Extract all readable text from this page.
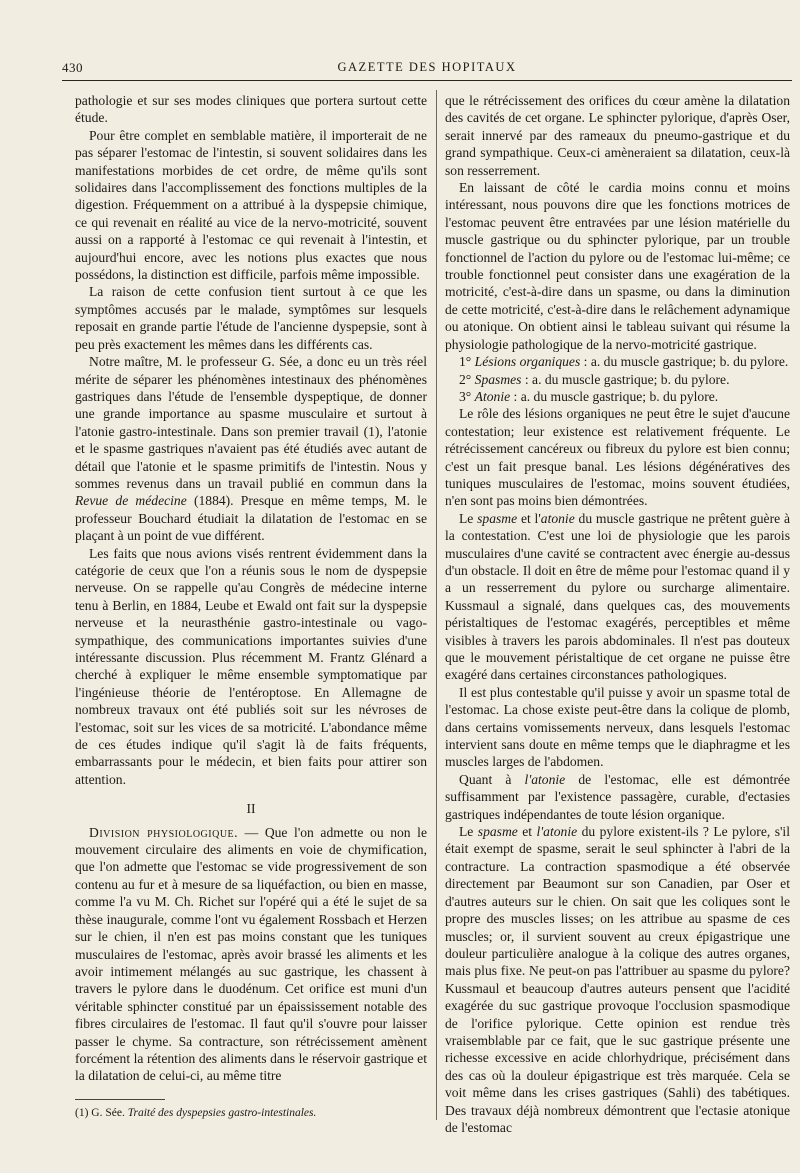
430	GAZETTE DES HOPITAUX

pathologie et sur ses modes cliniques que portera surtout cette étude.

Pour être complet en semblable matière, il importerait de ne pas séparer l'estomac de l'intestin, si souvent solidaires dans les manifestations morbides de cet ordre, de même qu'ils sont solidaires dans l'accomplissement des fonctions multiples de la digestion. Fréquemment on a attribué à la dyspepsie chimique, ce qui revenait en réalité au vice de la nervo-motricité, souvent aussi on a rapporté à l'estomac ce qui revenait à l'intestin, et aujourd'hui encore, avec les notions plus exactes que nous possédons, la distinction est difficile, parfois même impossible.

La raison de cette confusion tient surtout à ce que les symptômes accusés par le malade, symptômes sur lesquels reposait en grande partie l'étude de l'ancienne dyspepsie, sont à peu près exactement les mêmes dans les différents cas.

Notre maître, M. le professeur G. Sée, a donc eu un très réel mérite de séparer les phénomènes intestinaux des phénomènes gastriques dans l'étude de l'ensemble dyspeptique, de donner une grande importance au spasme musculaire et surtout à l'atonie gastro-intestinale. Dans son premier travail (1), l'atonie et le spasme gastriques n'avaient pas été étudiés avec autant de détail que l'atonie et le spasme primitifs de l'intestin. Nous y sommes revenus dans un travail publié en commun dans la Revue de médecine (1884). Presque en même temps, M. le professeur Bouchard étudiait la dilatation de l'estomac en se plaçant à un point de vue différent.

Les faits que nous avions visés rentrent évidemment dans la catégorie de ceux que l'on a réunis sous le nom de dyspepsie nerveuse. On se rappelle qu'au Congrès de médecine interne tenu à Berlin, en 1884, Leube et Ewald ont fait sur la dyspepsie nerveuse et la neurasthénie gastro-intestinale ou vago-sympathique, des communications importantes suivies d'une intéressante discussion. Plus récemment M. Frantz Glénard a cherché à expliquer le même ensemble symptomatique par l'ingénieuse théorie de l'entéroptose. En Allemagne de nombreux travaux ont été publiés soit sur les névroses de l'estomac, soit sur les vices de sa motricité. L'abondance même de ces études indique qu'il s'agit là de faits fréquents, embarrassants pour le médecin, et bien faits pour attirer son attention.

II

Division physiologique. — Que l'on admette ou non le mouvement circulaire des aliments en voie de chymification, que l'on admette que l'estomac se vide progressivement de son contenu au fur et à mesure de sa liquéfaction, ou bien en masse, comme l'a vu M. Ch. Richet sur l'opéré qui a été le sujet de sa thèse inaugurale, comme l'ont vu également Rossbach et Herzen sur le chien, il n'en est pas moins constant que les tuniques musculaires de l'estomac, après avoir brassé les aliments et les avoir intimement mélangés au suc gastrique, les chassent à travers le pylore dans le duodénum. Cet orifice est muni d'un véritable sphincter constitué par un épaississement notable des fibres circulaires de l'estomac. Il faut qu'il s'ouvre pour laisser passer le chyme. Sa contracture, son rétrécissement amènent forcément la rétention des aliments dans le réservoir gastrique et la dilatation de celui-ci, au même titre

(1) G. Sée. Traité des dyspepsies gastro-intestinales.

que le rétrécissement des orifices du cœur amène la dilatation des cavités de cet organe. Le sphincter pylorique, d'après Oser, serait innervé par des rameaux du pneumo-gastrique et du grand sympathique. Ceux-ci amèneraient sa dilatation, ceux-là son resserrement.

En laissant de côté le cardia moins connu et moins intéressant, nous pouvons dire que les fonctions motrices de l'estomac peuvent être entravées par une lésion matérielle du muscle gastrique ou du sphincter pylorique, par un trouble fonctionnel de l'action du pylore ou de l'estomac lui-même; ce trouble fonctionnel peut consister dans une exagération de la motricité, c'est-à-dire dans un spasme, ou dans la diminution de cette motricité, c'est-à-dire dans le relâchement adynamique ou atonique. On obtient ainsi le tableau suivant qui résume la physiologie pathologique de la nervo-motricité gastrique.

1° Lésions organiques : a. du muscle gastrique; b. du pylore.

2° Spasmes : a. du muscle gastrique; b. du pylore.

3° Atonie : a. du muscle gastrique; b. du pylore.

Le rôle des lésions organiques ne peut être le sujet d'aucune contestation; leur existence est relativement fréquente. Le rétrécissement cancéreux ou fibreux du pylore est bien connu; c'est un fait presque banal. Les lésions dégénératives des tuniques musculaires de l'estomac, moins souvent étudiées, n'en sont pas moins bien démontrées.

Le spasme et l'atonie du muscle gastrique ne prêtent guère à la contestation. C'est une loi de physiologie que les parois musculaires d'une cavité se contractent avec énergie au-dessus d'un obstacle. Il doit en être de même pour l'estomac quand il y a un resserrement du pylore ou surcharge alimentaire. Kussmaul a signalé, dans quelques cas, des mouvements péristaltiques de l'estomac exagérés, perceptibles et même visibles à travers les parois abdominales. Il n'est pas douteux que le mouvement péristaltique de cet organe ne puisse être exagéré dans certaines circonstances pathologiques.

Il est plus contestable qu'il puisse y avoir un spasme total de l'estomac. La chose existe peut-être dans la colique de plomb, dans certains vomissements nerveux, dans lesquels l'estomac intervient sans doute en même temps que le diaphragme et les muscles larges de l'abdomen.

Quant à l'atonie de l'estomac, elle est démontrée suffisamment par l'existence passagère, curable, d'ectasies gastriques indépendantes de toute lésion organique.

Le spasme et l'atonie du pylore existent-ils ? Le pylore, s'il était exempt de spasme, serait le seul sphincter à l'abri de la contracture. La contraction spasmodique a été observée directement par Beaumont sur son Canadien, par Oser et d'autres auteurs sur le chien. On sait que les coliques sont le propre des muscles lisses; on les attribue au spasme de ces muscles; or, il survient souvent au creux épigastrique une douleur particulière analogue à la colique des autres organes, mais plus fixe. Ne peut-on pas l'attribuer au spasme du pylore? Kussmaul et beaucoup d'autres auteurs pensent que l'acidité exagérée du suc gastrique provoque l'occlusion spasmodique de l'orifice pylorique. Cette opinion est rendue très vraisemblable par ce fait, que le suc gastrique présente une richesse excessive en acide chlorhydrique, précisément dans des cas où la douleur épigastrique est très marquée. Cela se voit même dans les crises gastriques (Sahli) des tabétiques. Des travaux déjà nombreux démontrent que l'ectasie atonique de l'estomac
